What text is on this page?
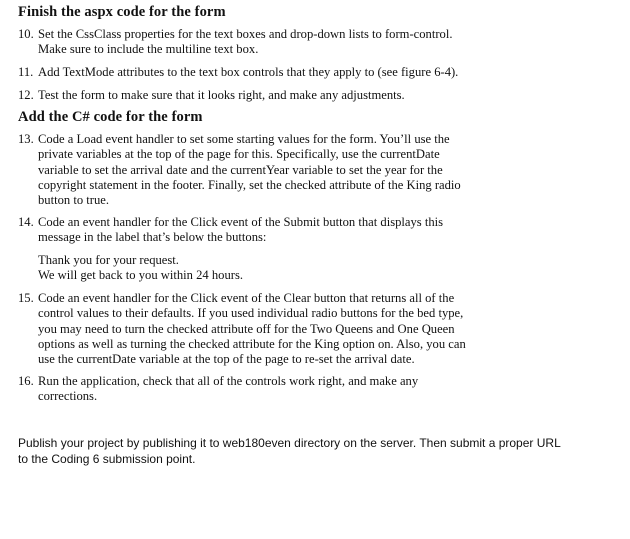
Finish the aspx code for the form
10. Set the CssClass properties for the text boxes and drop-down lists to form-control.
Make sure to include the multiline text box.
11. Add TextMode attributes to the text box controls that they apply to (see figure 6-4).
12. Test the form to make sure that it looks right, and make any adjustments.
Add the C# code for the form
13. Code a Load event handler to set some starting values for the form. You’ll use the
private variables at the top of the page for this. Specifically, use the currentDate
variable to set the arrival date and the currentYear variable to set the year for the
copyright statement in the footer. Finally, set the checked attribute of the King radio
button to true.
14. Code an event handler for the Click event of the Submit button that displays this
message in the label that’s below the buttons:
Thank you for your request.
We will get back to you within 24 hours.
15. Code an event handler for the Click event of the Clear button that returns all of the
control values to their defaults. If you used individual radio buttons for the bed type,
you may need to turn the checked attribute off for the Two Queens and One Queen
options as well as turning the checked attribute for the King option on. Also, you can
use the currentDate variable at the top of the page to re-set the arrival date.
16. Run the application, check that all of the controls work right, and make any
corrections.
Publish your project by publishing it to web180even directory on the server. Then submit a proper URL
to the Coding 6 submission point.
